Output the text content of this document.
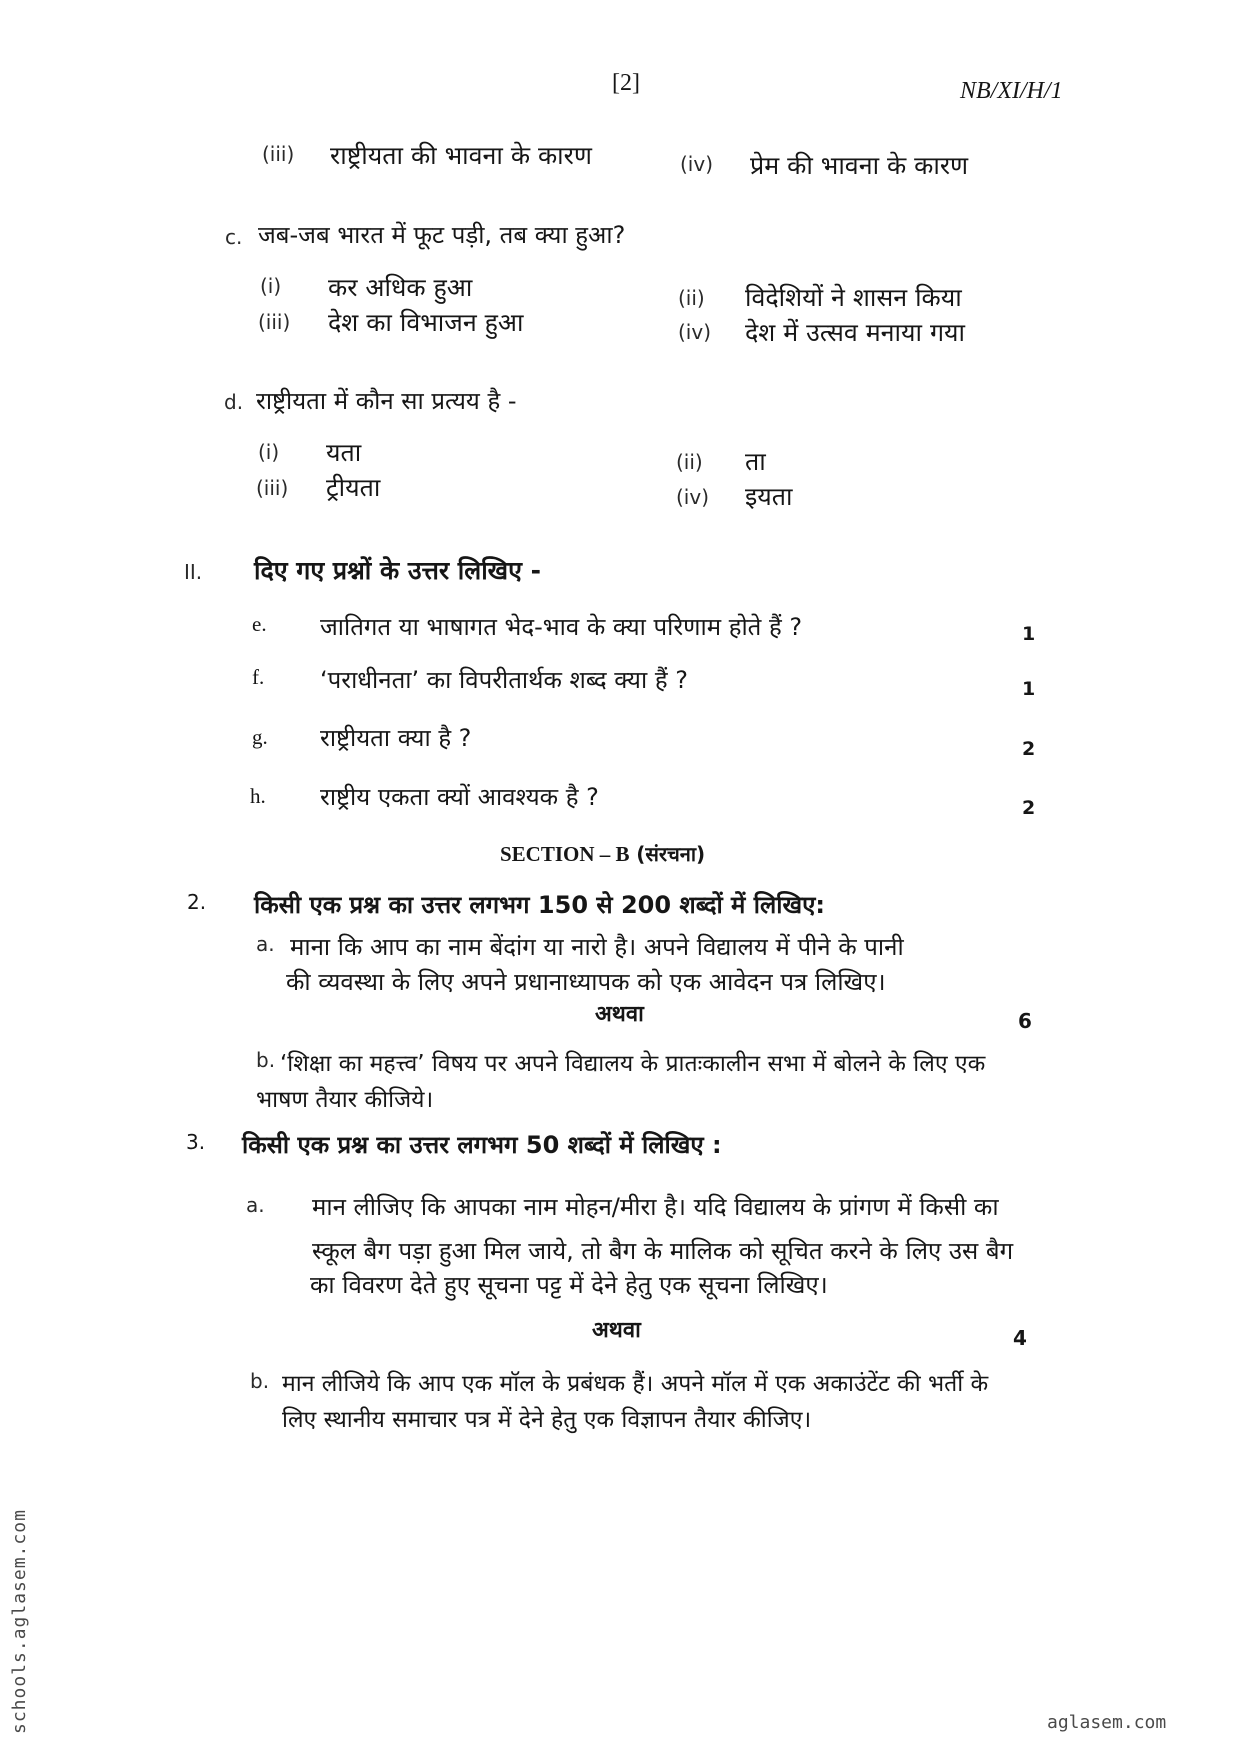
[2]	NB/XI/H/1
(iii) राष्ट्रीयता की भावना के कारण	(iv) प्रेम की भावना के कारण
c. जब-जब भारत में फूट पड़ी, तब क्या हुआ?
(i) कर अधिक हुआ	(ii) विदेशियों ने शासन किया
(iii) देश का विभाजन हुआ	(iv) देश में उत्सव मनाया गया
d. राष्ट्रीयता में कौन सा प्रत्यय है -
(i) यता	(ii) ता
(iii) ट्रीयता	(iv) इयता
II. दिए गए प्रश्नों के उत्तर लिखिए -
e. जातिगत या भाषागत भेद-भाव के क्या परिणाम होते हैं ?	1
f. ‘पराधीनता’ का विपरीतार्थक शब्द क्या हैं ?	1
g. राष्ट्रीयता क्या है ?	2
h. राष्ट्रीय एकता क्यों आवश्यक है ?	2
SECTION – B (संरचना)
2. किसी एक प्रश्न का उत्तर लगभग 150 से 200 शब्दों में लिखिए:
a. माना कि आप का नाम बेंदांग या नारो है। अपने विद्यालय में पीने के पानी
की व्यवस्था के लिए अपने प्रधानाध्यापक को एक आवेदन पत्र लिखिए।
अथवा	6
b. ‘शिक्षा का महत्त्व’ विषय पर अपने विद्यालय के प्रातःकालीन सभा में बोलने के लिए एक
भाषण तैयार कीजिये।
3. किसी एक प्रश्न का उत्तर लगभग 50 शब्दों में लिखिए :
a. मान लीजिए कि आपका नाम मोहन/मीरा है। यदि विद्यालय के प्रांगण में किसी का
स्कूल बैग पड़ा हुआ मिल जाये, तो बैग के मालिक को सूचित करने के लिए उस बैग
का विवरण देते हुए सूचना पट्ट में देने हेतु एक सूचना लिखिए।
अथवा	4
b. मान लीजिये कि आप एक मॉल के प्रबंधक हैं। अपने मॉल में एक अकाउंटेंट की भर्ती के
लिए स्थानीय समाचार पत्र में देने हेतु एक विज्ञापन तैयार कीजिए।
schools.aglasem.com	aglasem.com
